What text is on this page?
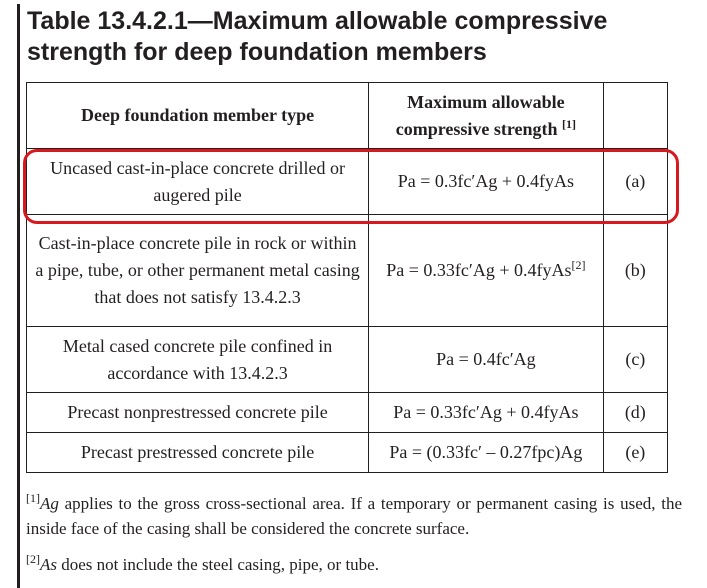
Table 13.4.2.1—Maximum allowable compressive strength for deep foundation members
Deep foundation member type	Maximum allowable compressive strength [1]	
Uncased cast-in-place concrete drilled or augered pile	Pa = 0.3fc′Ag + 0.4fyAs	(a)
Cast-in-place concrete pile in rock or within a pipe, tube, or other permanent metal casing that does not satisfy 13.4.2.3	Pa = 0.33fc′Ag + 0.4fyAs[2]	(b)
Metal cased concrete pile confined in accordance with 13.4.2.3	Pa = 0.4fc′Ag	(c)
Precast nonprestressed concrete pile	Pa = 0.33fc′Ag + 0.4fyAs	(d)
Precast prestressed concrete pile	Pa = (0.33fc′ – 0.27fpc)Ag	(e)

[1]Ag applies to the gross cross-sectional area. If a temporary or permanent casing is used, the inside face of the casing shall be considered the concrete surface.

[2]As does not include the steel casing, pipe, or tube.
